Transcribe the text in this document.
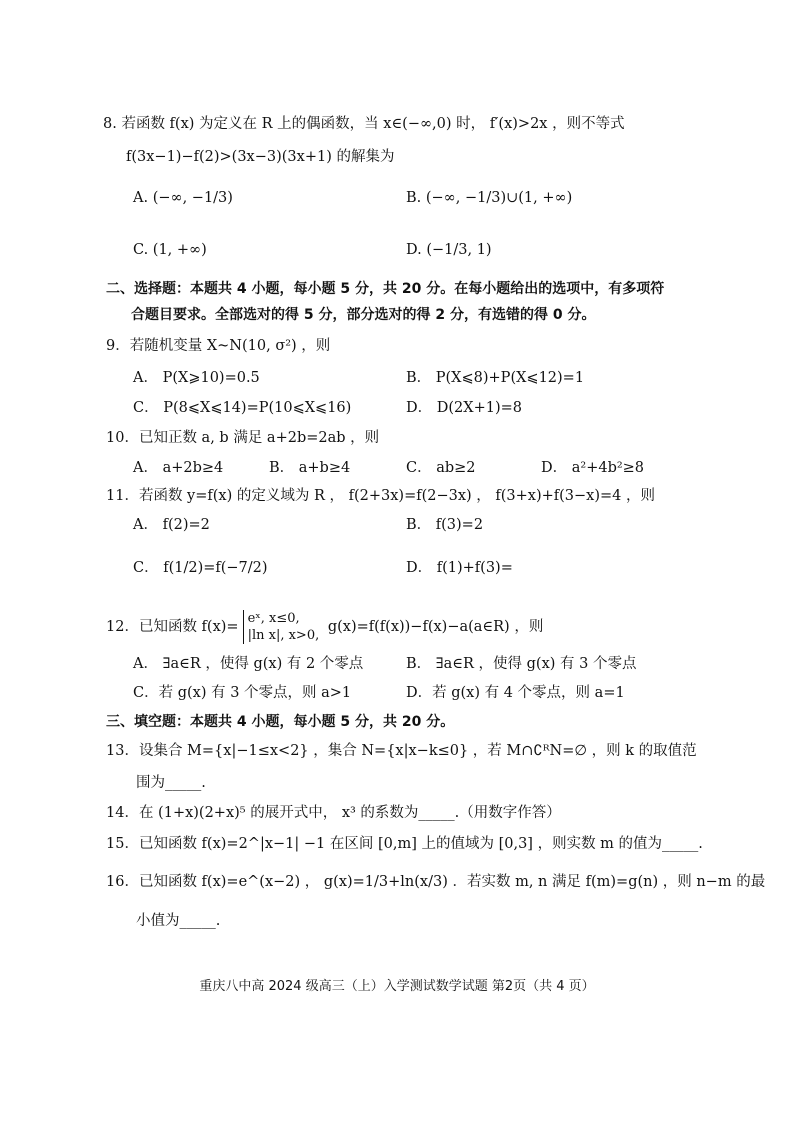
8. 若函数 f(x) 为定义在 R 上的偶函数，当 x∈(−∞,0) 时， f′(x)>2x ，则不等式
f(3x−1)−f(2)>(3x−3)(3x+1) 的解集为
A. (−∞, −1/3)	B. (−∞, −1/3)∪(1, +∞)
C. (1, +∞)	D. (−1/3, 1)
二、选择题：本题共 4 小题，每小题 5 分，共 20 分。在每小题给出的选项中，有多项符
合题目要求。全部选对的得 5 分，部分选对的得 2 分，有选错的得 0 分。
9．若随机变量 X~N(10, σ²) ，则
A． P(X⩾10)=0.5	B． P(X⩽8)+P(X⩽12)=1
C． P(8⩽X⩽14)=P(10⩽X⩽16)	D． D(2X+1)=8
10．已知正数 a, b 满足 a+2b=2ab ，则
A． a+2b≥4	B． a+b≥4	C． ab≥2	D． a²+4b²≥8
11．若函数 y=f(x) 的定义域为 R ， f(2+3x)=f(2−3x) ， f(3+x)+f(3−x)=4 ，则
A． f(2)=2	B． f(3)=2
C． f(1/2)=f(−7/2)	D． f(1)+f(3)=
12．已知函数 f(x)=
eˣ, x≤0,
|ln x|, x>0,
g(x)=f(f(x))−f(x)−a(a∈R) ，则
A． ∃a∈R ，使得 g(x) 有 2 个零点	B． ∃a∈R ，使得 g(x) 有 3 个零点
C．若 g(x) 有 3 个零点，则 a>1	D．若 g(x) 有 4 个零点，则 a=1
三、填空题：本题共 4 小题，每小题 5 分，共 20 分。
13．设集合 M={x|−1≤x<2} ，集合 N={x|x−k≤0} ，若 M∩∁ᴿN=∅ ，则 k 的取值范
围为_____.
14．在 (1+x)(2+x)⁵ 的展开式中， x³ 的系数为_____.（用数字作答）
15．已知函数 f(x)=2^|x−1| −1 在区间 [0,m] 上的值域为 [0,3] ，则实数 m 的值为_____.
16．已知函数 f(x)=e^(x−2) ， g(x)=1/3+ln(x/3) ．若实数 m, n 满足 f(m)=g(n) ，则 n−m 的最
小值为_____.
重庆八中高 2024 级高三（上）入学测试数学试题 第2页（共 4 页）
